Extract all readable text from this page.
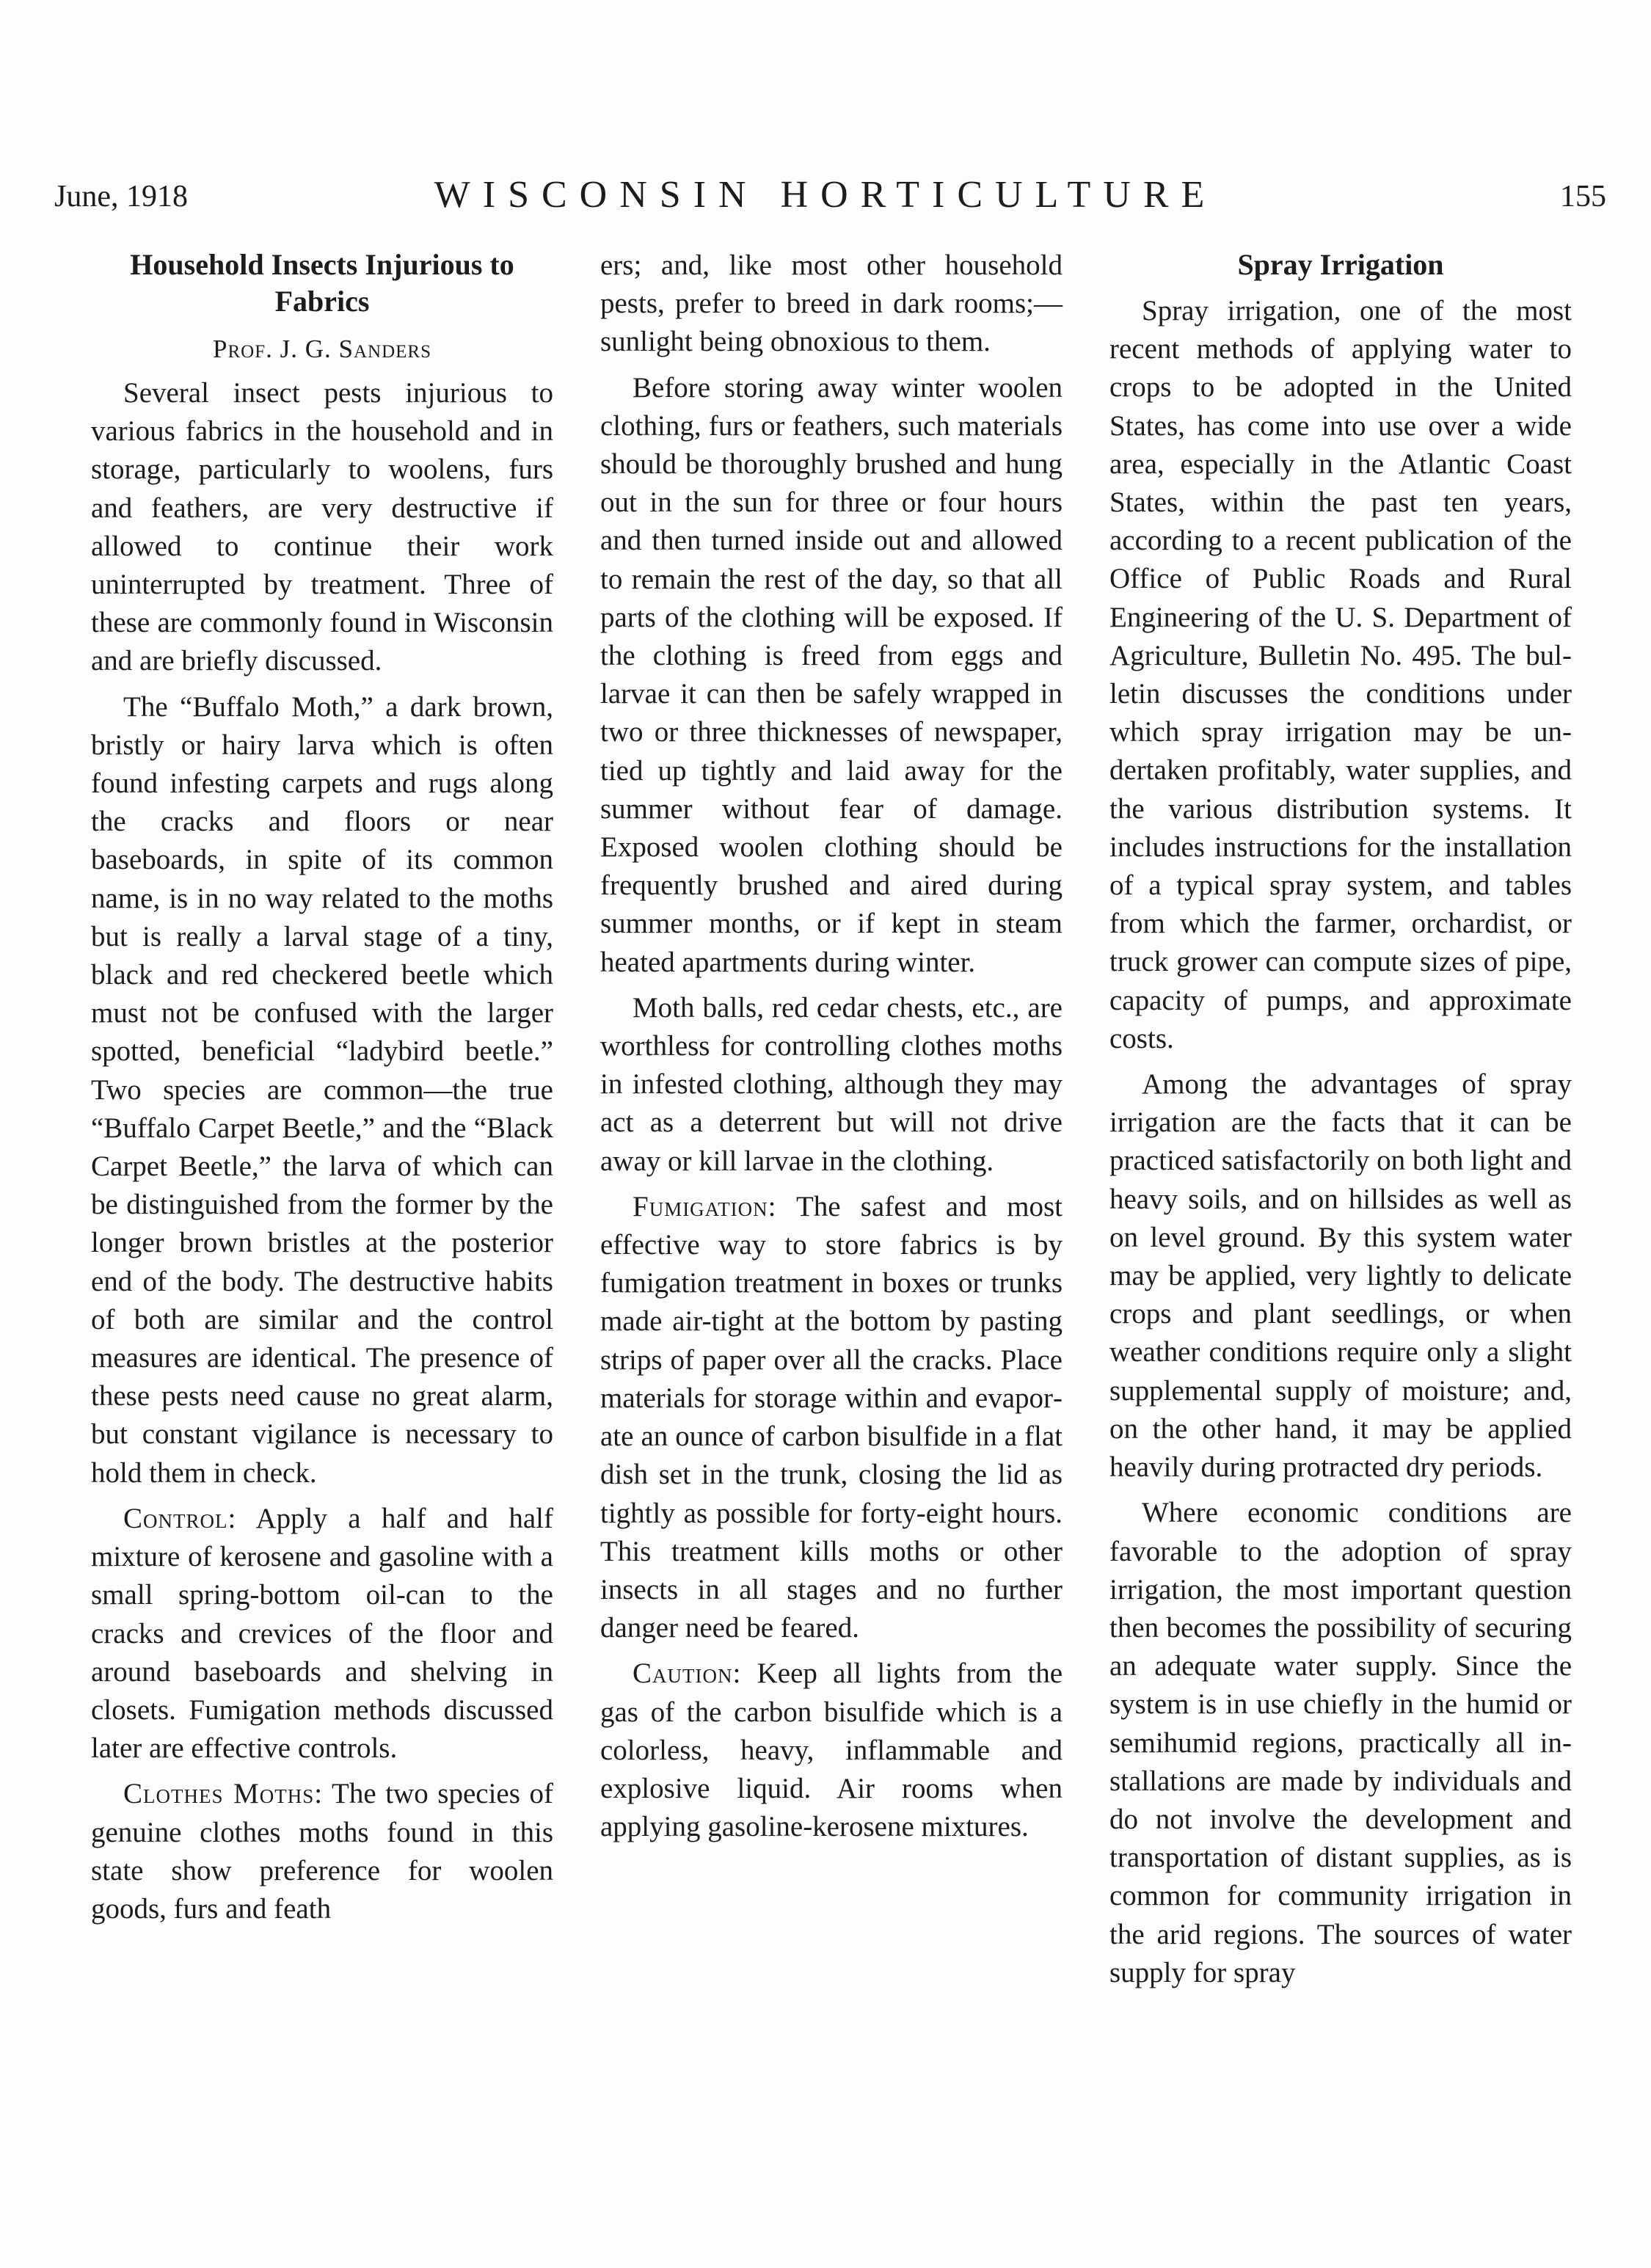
June, 1918	WISCONSIN HORTICULTURE	155
Household Insects Injurious to Fabrics
Prof. J. G. Sanders

Several insect pests injurious to various fabrics in the household and in storage, particularly to woolens, furs and feathers, are very destructive if allowed to continue their work uninterrupted by treatment. Three of these are commonly found in Wisconsin and are briefly discussed.

The “Buffalo Moth,” a dark brown, bristly or hairy larva which is often found infesting carpets and rugs along the cracks and floors or near baseboards, in spite of its common name, is in no way related to the moths but is really a larval stage of a tiny, black and red checkered beetle which must not be confused with the larger spotted, beneficial “ladybird beetle.” Two species are common—the true “Buffalo Carpet Beetle,” and the “Black Carpet Beetle,” the larva of which can be distinguished from the former by the longer brown bristles at the posterior end of the body. The destructive habits of both are similar and the control measures are identical. The presence of these pests need cause no great alarm, but constant vigilance is necessary to hold them in check.

Control: Apply a half and half mixture of kerosene and gasoline with a small spring-bottom oil-can to the cracks and crevices of the floor and around baseboards and shelving in closets. Fumigation methods discussed later are effective controls.

Clothes Moths: The two species of genuine clothes moths found in this state show preference for woolen goods, furs and feath

ers; and, like most other household pests, prefer to breed in dark rooms;—sunlight being obnoxious to them.

Before storing away winter woolen clothing, furs or feathers, such materials should be thoroughly brushed and hung out in the sun for three or four hours and then turned inside out and allowed to remain the rest of the day, so that all parts of the clothing will be exposed. If the clothing is freed from eggs and larvae it can then be safely wrapped in two or three thicknesses of newspaper, tied up tightly and laid away for the summer without fear of damage. Exposed woolen clothing should be frequently brushed and aired during summer months, or if kept in steam heated apartments during winter.

Moth balls, red cedar chests, etc., are worthless for controlling clothes moths in infested clothing, although they may act as a deterrent but will not drive away or kill larvae in the clothing.

Fumigation: The safest and most effective way to store fabrics is by fumigation treatment in boxes or trunks made air-tight at the bottom by pasting strips of paper over all the cracks. Place materials for storage within and evaporate an ounce of carbon bisulfide in a flat dish set in the trunk, closing the lid as tightly as possible for forty-eight hours. This treatment kills moths or other insects in all stages and no further danger need be feared.

Caution: Keep all lights from the gas of the carbon bisulfide which is a colorless, heavy, inflammable and explosive liquid. Air rooms when applying gasoline-kerosene mixtures.

Spray Irrigation

Spray irrigation, one of the most recent methods of applying water to crops to be adopted in the United States, has come into use over a wide area, especially in the Atlantic Coast States, within the past ten years, according to a recent publication of the Office of Public Roads and Rural Engineering of the U. S. Department of Agriculture, Bulletin No. 495. The bulletin discusses the conditions under which spray irrigation may be undertaken profitably, water supplies, and the various distribution systems. It includes instructions for the installation of a typical spray system, and tables from which the farmer, orchardist, or truck grower can compute sizes of pipe, capacity of pumps, and approximate costs.

Among the advantages of spray irrigation are the facts that it can be practiced satisfactorily on both light and heavy soils, and on hillsides as well as on level ground. By this system water may be applied, very lightly to delicate crops and plant seedlings, or when weather conditions require only a slight supplemental supply of moisture; and, on the other hand, it may be applied heavily during protracted dry periods.

Where economic conditions are favorable to the adoption of spray irrigation, the most important question then becomes the possibility of securing an adequate water supply. Since the system is in use chiefly in the humid or semihumid regions, practically all installations are made by individuals and do not involve the development and transportation of distant supplies, as is common for community irrigation in the arid regions. The sources of water supply for spray
